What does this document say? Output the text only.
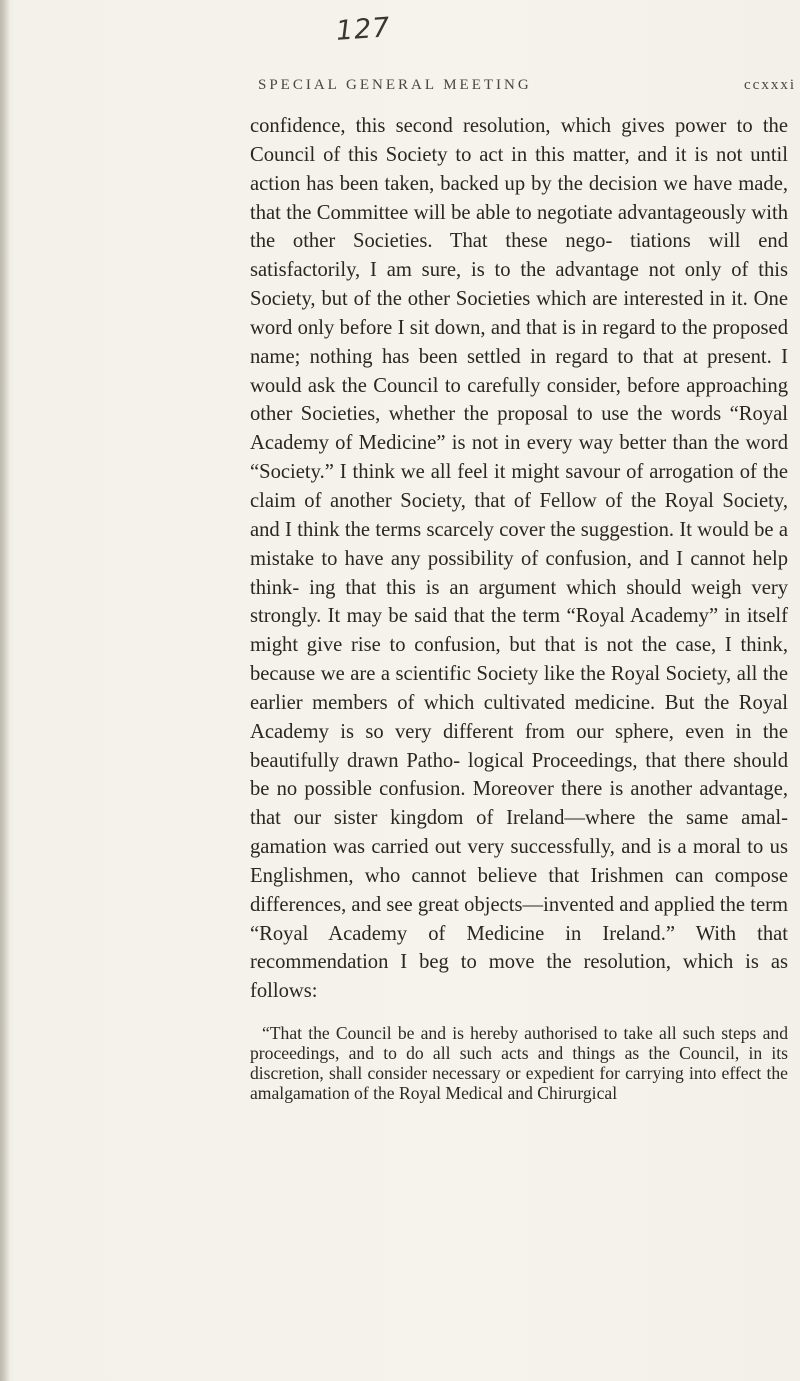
127
SPECIAL GENERAL MEETING	ccxxxi

confidence, this second resolution, which gives power to the Council of this Society to act in this matter, and it is not until action has been taken, backed up by the decision we have made, that the Committee will be able to negotiate advantageously with the other Societies. That these nego- tiations will end satisfactorily, I am sure, is to the advantage not only of this Society, but of the other Societies which are interested in it. One word only before I sit down, and that is in regard to the proposed name; nothing has been settled in regard to that at present. I would ask the Council to carefully consider, before approaching other Societies, whether the proposal to use the words “Royal Academy of Medicine” is not in every way better than the word “Society.” I think we all feel it might savour of arrogation of the claim of another Society, that of Fellow of the Royal Society, and I think the terms scarcely cover the suggestion. It would be a mistake to have any possibility of confusion, and I cannot help think- ing that this is an argument which should weigh very strongly. It may be said that the term “Royal Academy” in itself might give rise to confusion, but that is not the case, I think, because we are a scientific Society like the Royal Society, all the earlier members of which cultivated medicine. But the Royal Academy is so very different from our sphere, even in the beautifully drawn Patho- logical Proceedings, that there should be no possible confusion. Moreover there is another advantage, that our sister kingdom of Ireland—where the same amal- gamation was carried out very successfully, and is a moral to us Englishmen, who cannot believe that Irishmen can compose differences, and see great objects—invented and applied the term “Royal Academy of Medicine in Ireland.” With that recommendation I beg to move the resolution, which is as follows:

“That the Council be and is hereby authorised to take all such steps and proceedings, and to do all such acts and things as the Council, in its discretion, shall consider necessary or expedient for carrying into effect the amalgamation of the Royal Medical and Chirurgical
